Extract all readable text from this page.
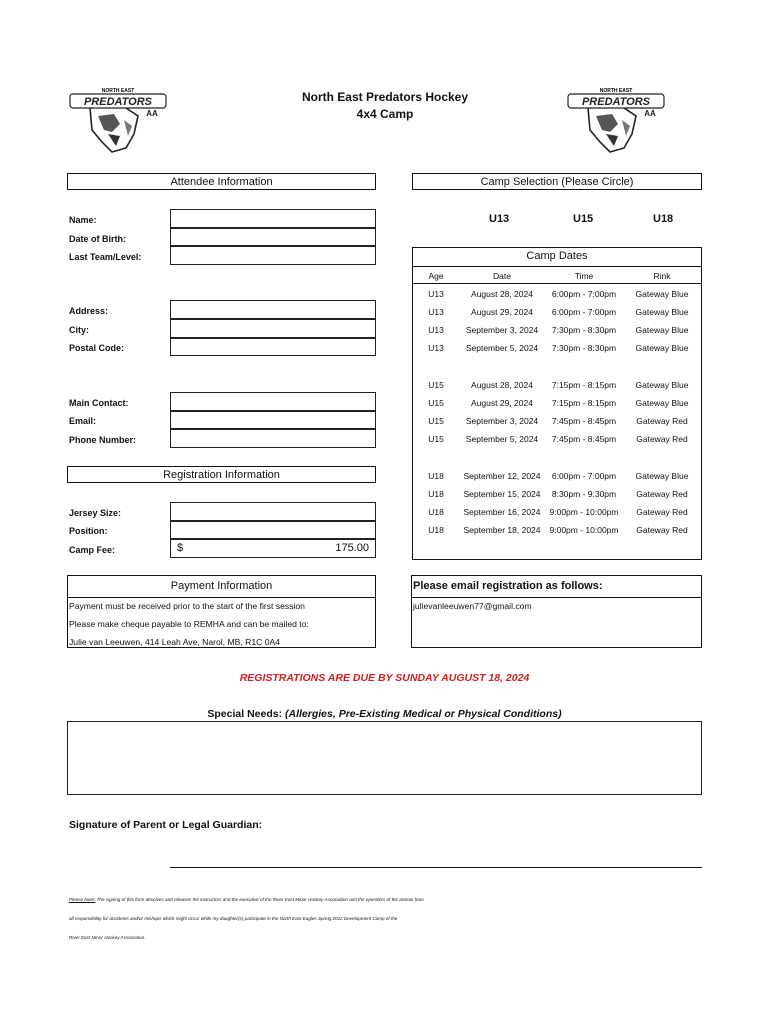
NORTH EAST
PREDATORS
AA
NORTH EAST
PREDATORS
AA
North East Predators Hockey
4x4 Camp
Attendee Information	Camp Selection (Please Circle)
Name:
Date of Birth:
Last Team/Level:
Address:
City:
Postal Code:
Main Contact:
Email:
Phone Number:
Registration Information
Jersey Size:
Position:
Camp Fee:	$	175.00
U13	U15	U18
Camp Dates
Age	Date	Time	Rink
U13	August 28, 2024	6:00pm - 7:00pm	Gateway Blue
U13	August 29, 2024	6:00pm - 7:00pm	Gateway Blue
U13	September 3, 2024	7:30pm - 8:30pm	Gateway Blue
U13	September 5, 2024	7:30pm - 8:30pm	Gateway Blue
U15	August 28, 2024	7:15pm - 8:15pm	Gateway Blue
U15	August 29, 2024	7:15pm - 8:15pm	Gateway Blue
U15	September 3, 2024	7:45pm - 8:45pm	Gateway Red
U15	September 5, 2024	7:45pm - 8:45pm	Gateway Red
U18	September 12, 2024	6:00pm - 7:00pm	Gateway Blue
U18	September 15, 2024	8:30pm - 9:30pm	Gateway Red
U18	September 16, 2024	9:00pm - 10:00pm	Gateway Red
U18	September 18, 2024	9:00pm - 10:00pm	Gateway Red
Payment Information
Payment must be received prior to the start of the first session
Please make cheque payable to REMHA and can be mailed to:
Julie van Leeuwen, 414 Leah Ave, Narol, MB, R1C 0A4
Please email registration as follows:
julievanleeuwen77@gmail.com
REGISTRATIONS ARE DUE BY SUNDAY AUGUST 18, 2024
Special Needs: (Allergies, Pre-Existing Medical or Physical Conditions)
Signature of Parent or Legal Guardian:
Please Note: The signing of this form absolves and releases the instructors and the executive of the River East Minor Hockey Association and the operators of the arenas from
all responsibility for accidents and/or mishaps which might occur while my daughter(s) participate in the North East Eagles Spring 2022 Development Camp of the
River East Minor Hockey Association.
